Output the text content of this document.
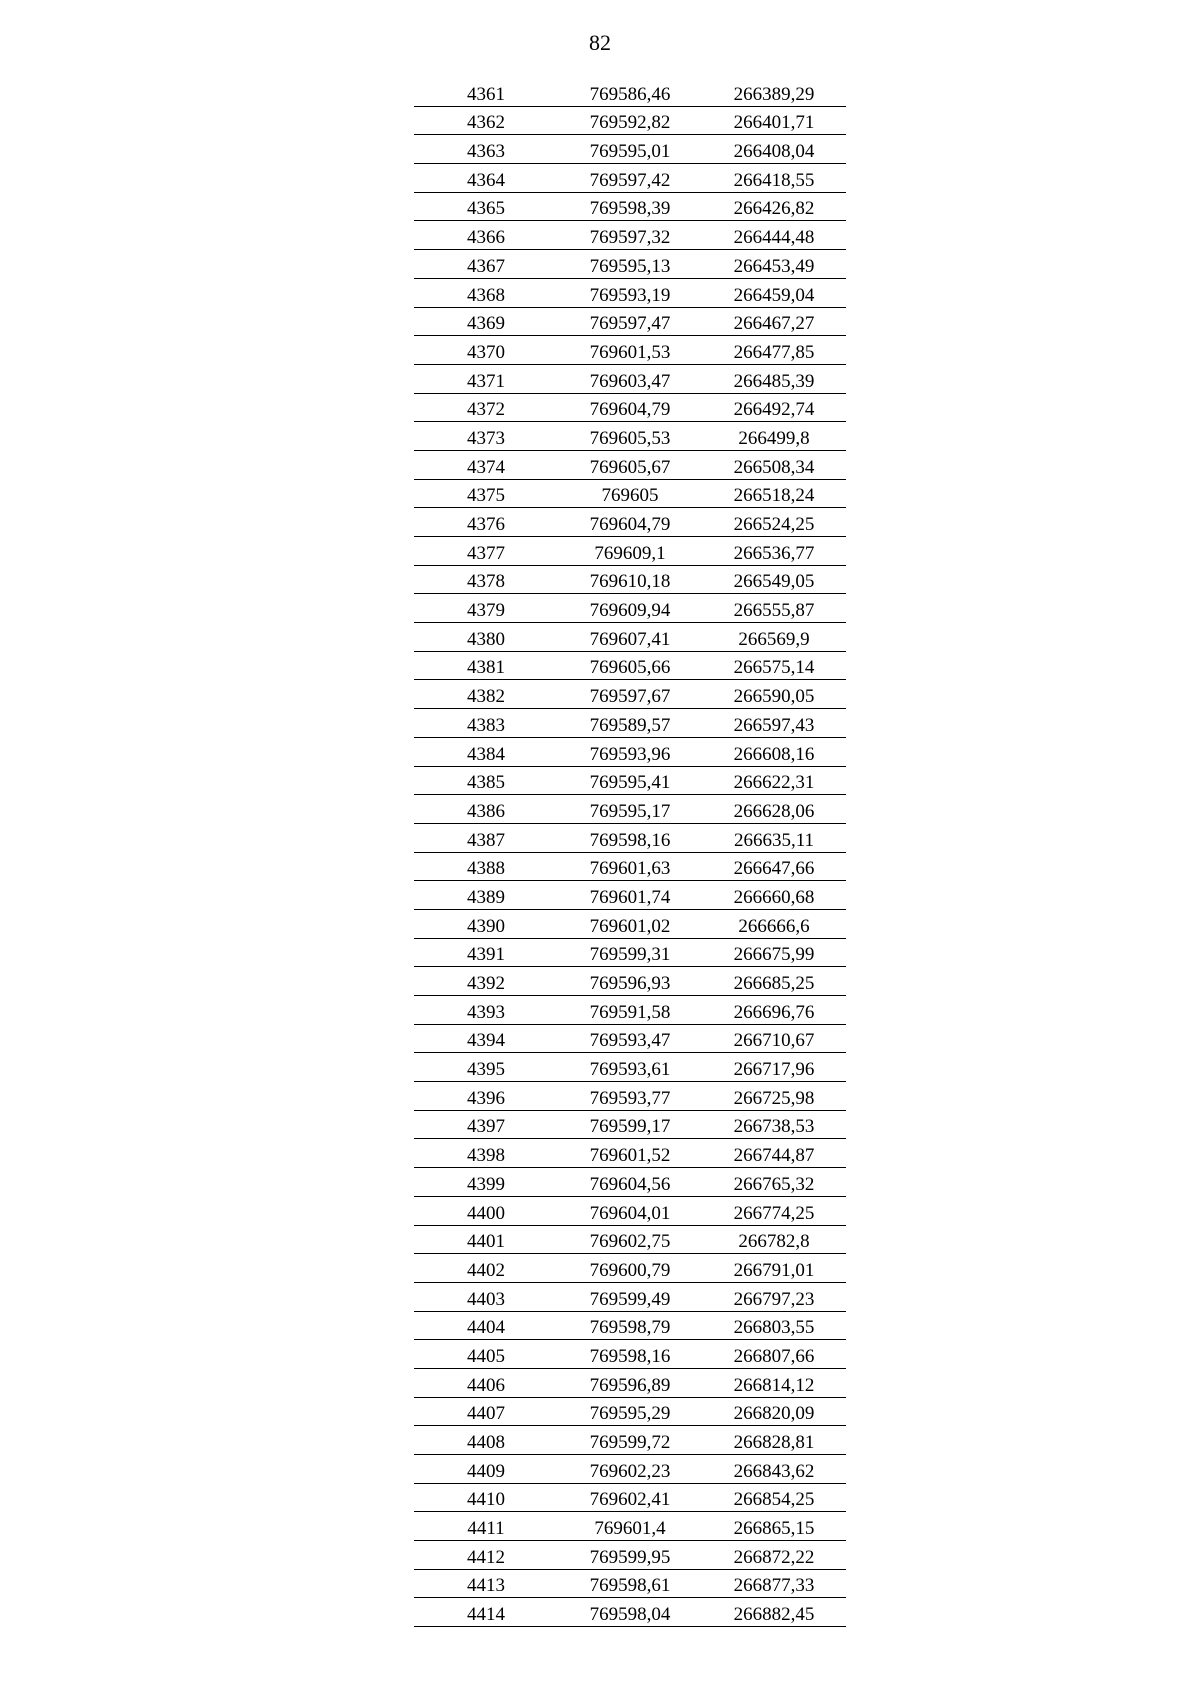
82
4361	769586,46	266389,29
4362	769592,82	266401,71
4363	769595,01	266408,04
4364	769597,42	266418,55
4365	769598,39	266426,82
4366	769597,32	266444,48
4367	769595,13	266453,49
4368	769593,19	266459,04
4369	769597,47	266467,27
4370	769601,53	266477,85
4371	769603,47	266485,39
4372	769604,79	266492,74
4373	769605,53	266499,8
4374	769605,67	266508,34
4375	769605	266518,24
4376	769604,79	266524,25
4377	769609,1	266536,77
4378	769610,18	266549,05
4379	769609,94	266555,87
4380	769607,41	266569,9
4381	769605,66	266575,14
4382	769597,67	266590,05
4383	769589,57	266597,43
4384	769593,96	266608,16
4385	769595,41	266622,31
4386	769595,17	266628,06
4387	769598,16	266635,11
4388	769601,63	266647,66
4389	769601,74	266660,68
4390	769601,02	266666,6
4391	769599,31	266675,99
4392	769596,93	266685,25
4393	769591,58	266696,76
4394	769593,47	266710,67
4395	769593,61	266717,96
4396	769593,77	266725,98
4397	769599,17	266738,53
4398	769601,52	266744,87
4399	769604,56	266765,32
4400	769604,01	266774,25
4401	769602,75	266782,8
4402	769600,79	266791,01
4403	769599,49	266797,23
4404	769598,79	266803,55
4405	769598,16	266807,66
4406	769596,89	266814,12
4407	769595,29	266820,09
4408	769599,72	266828,81
4409	769602,23	266843,62
4410	769602,41	266854,25
4411	769601,4	266865,15
4412	769599,95	266872,22
4413	769598,61	266877,33
4414	769598,04	266882,45
